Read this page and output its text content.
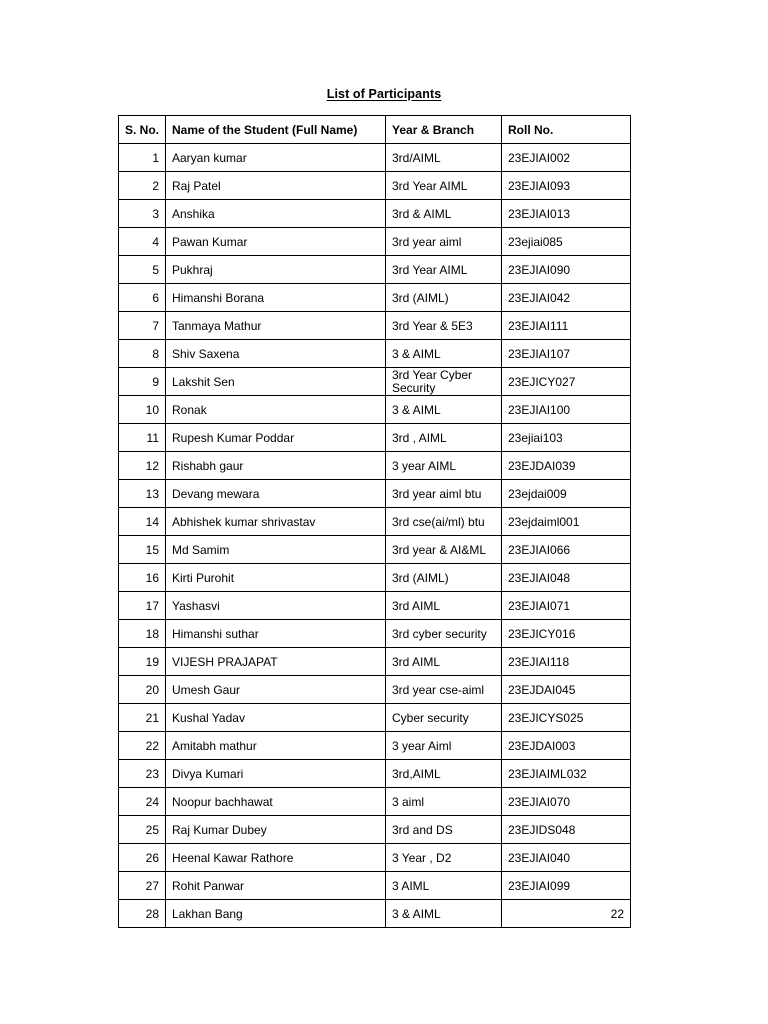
List of Participants
S. No.	Name of the Student (Full Name)	Year & Branch	Roll No.
1	Aaryan kumar	3rd/AIML	23EJIAI002
2	Raj Patel	3rd Year AIML	23EJIAI093
3	Anshika	3rd & AIML	23EJIAI013
4	Pawan Kumar	3rd year aiml	23ejiai085
5	Pukhraj	3rd Year AIML	23EJIAI090
6	Himanshi Borana	3rd (AIML)	23EJIAI042
7	Tanmaya Mathur	3rd Year & 5E3	23EJIAI111
8	Shiv Saxena	3 & AIML	23EJIAI107
9	Lakshit Sen	3rd Year Cyber Security	23EJICY027
10	Ronak	3 & AIML	23EJIAI100
11	Rupesh Kumar Poddar	3rd , AIML	23ejiai103
12	Rishabh gaur	3 year AIML	23EJDAI039
13	Devang mewara	3rd year aiml btu	23ejdai009
14	Abhishek kumar shrivastav	3rd cse(ai/ml) btu	23ejdaiml001
15	Md Samim	3rd year & AI&ML	23EJIAI066
16	Kirti Purohit	3rd (AIML)	23EJIAI048
17	Yashasvi	3rd AIML	23EJIAI071
18	Himanshi suthar	3rd cyber security	23EJICY016
19	VIJESH PRAJAPAT	3rd AIML	23EJIAI118
20	Umesh Gaur	3rd year cse-aiml	23EJDAI045
21	Kushal Yadav	Cyber security	23EJICYS025
22	Amitabh mathur	3 year Aiml	23EJDAI003
23	Divya Kumari	3rd,AIML	23EJIAIML032
24	Noopur bachhawat	3 aiml	23EJIAI070
25	Raj Kumar Dubey	3rd and DS	23EJIDS048
26	Heenal Kawar Rathore	3 Year , D2	23EJIAI040
27	Rohit Panwar	3 AIML	23EJIAI099
28	Lakhan Bang	3 & AIML	22
